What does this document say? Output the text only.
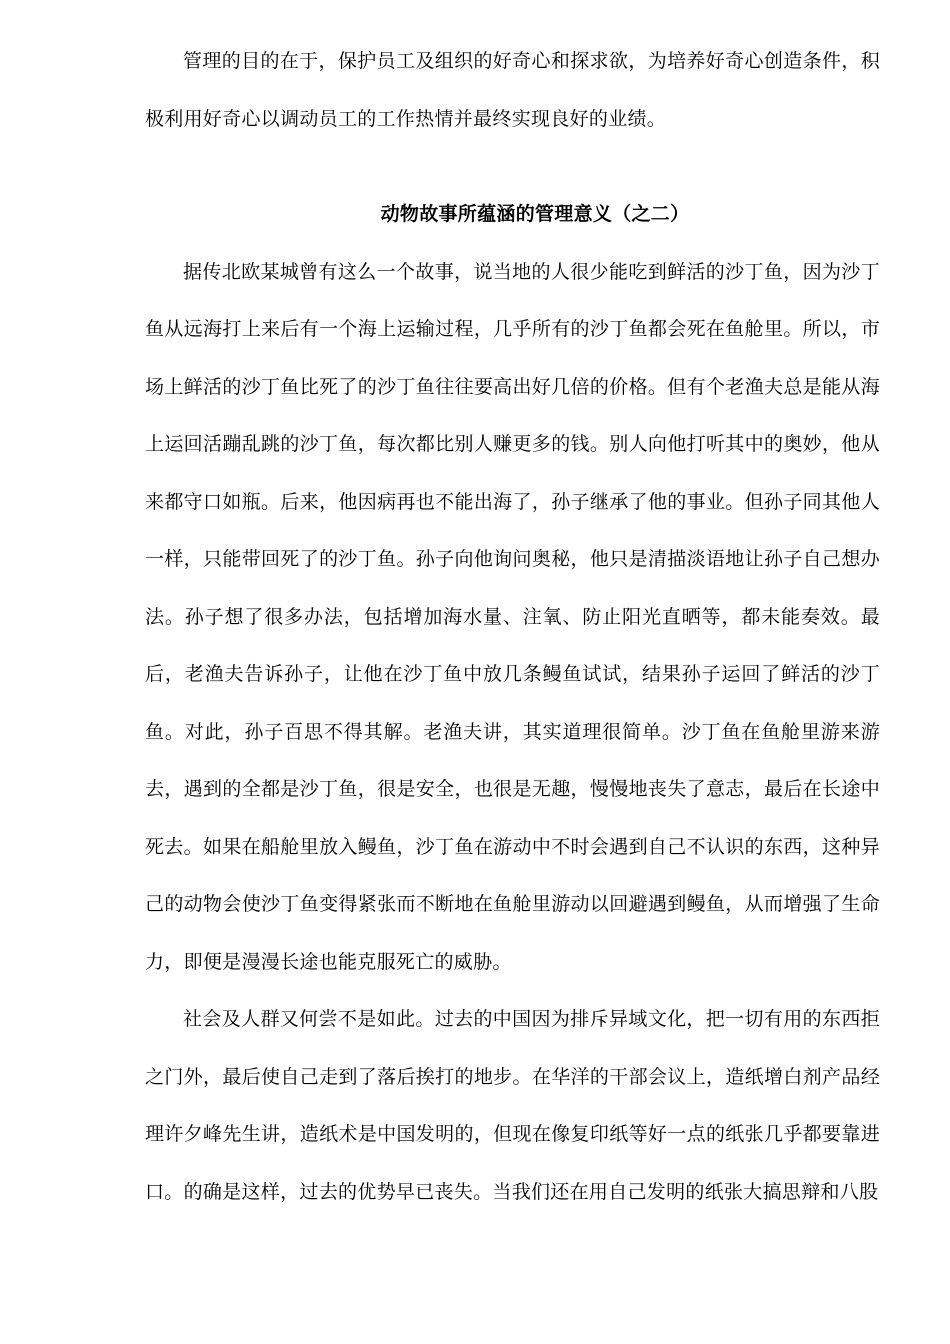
管理的目的在于，保护员工及组织的好奇心和探求欲，为培养好奇心创造条件，积极利用好奇心以调动员工的工作热情并最终实现良好的业绩。

动物故事所蕴涵的管理意义（之二）

据传北欧某城曾有这么一个故事，说当地的人很少能吃到鲜活的沙丁鱼，因为沙丁鱼从远海打上来后有一个海上运输过程，几乎所有的沙丁鱼都会死在鱼舱里。所以，市场上鲜活的沙丁鱼比死了的沙丁鱼往往要高出好几倍的价格。但有个老渔夫总是能从海上运回活蹦乱跳的沙丁鱼，每次都比别人赚更多的钱。别人向他打听其中的奥妙，他从来都守口如瓶。后来，他因病再也不能出海了，孙子继承了他的事业。但孙子同其他人一样，只能带回死了的沙丁鱼。孙子向他询问奥秘，他只是清描淡语地让孙子自己想办法。孙子想了很多办法，包括增加海水量、注氧、防止阳光直晒等，都未能奏效。最后，老渔夫告诉孙子，让他在沙丁鱼中放几条鳗鱼试试，结果孙子运回了鲜活的沙丁鱼。对此，孙子百思不得其解。老渔夫讲，其实道理很简单。沙丁鱼在鱼舱里游来游去，遇到的全都是沙丁鱼，很是安全，也很是无趣，慢慢地丧失了意志，最后在长途中死去。如果在船舱里放入鳗鱼，沙丁鱼在游动中不时会遇到自己不认识的东西，这种异己的动物会使沙丁鱼变得紧张而不断地在鱼舱里游动以回避遇到鳗鱼，从而增强了生命力，即便是漫漫长途也能克服死亡的威胁。

社会及人群又何尝不是如此。过去的中国因为排斥异域文化，把一切有用的东西拒之门外，最后使自己走到了落后挨打的地步。在华洋的干部会议上，造纸增白剂产品经理许夕峰先生讲，造纸术是中国发明的，但现在像复印纸等好一点的纸张几乎都要靠进口。的确是这样，过去的优势早已丧失。当我们还在用自己发明的纸张大搞思辩和八股
